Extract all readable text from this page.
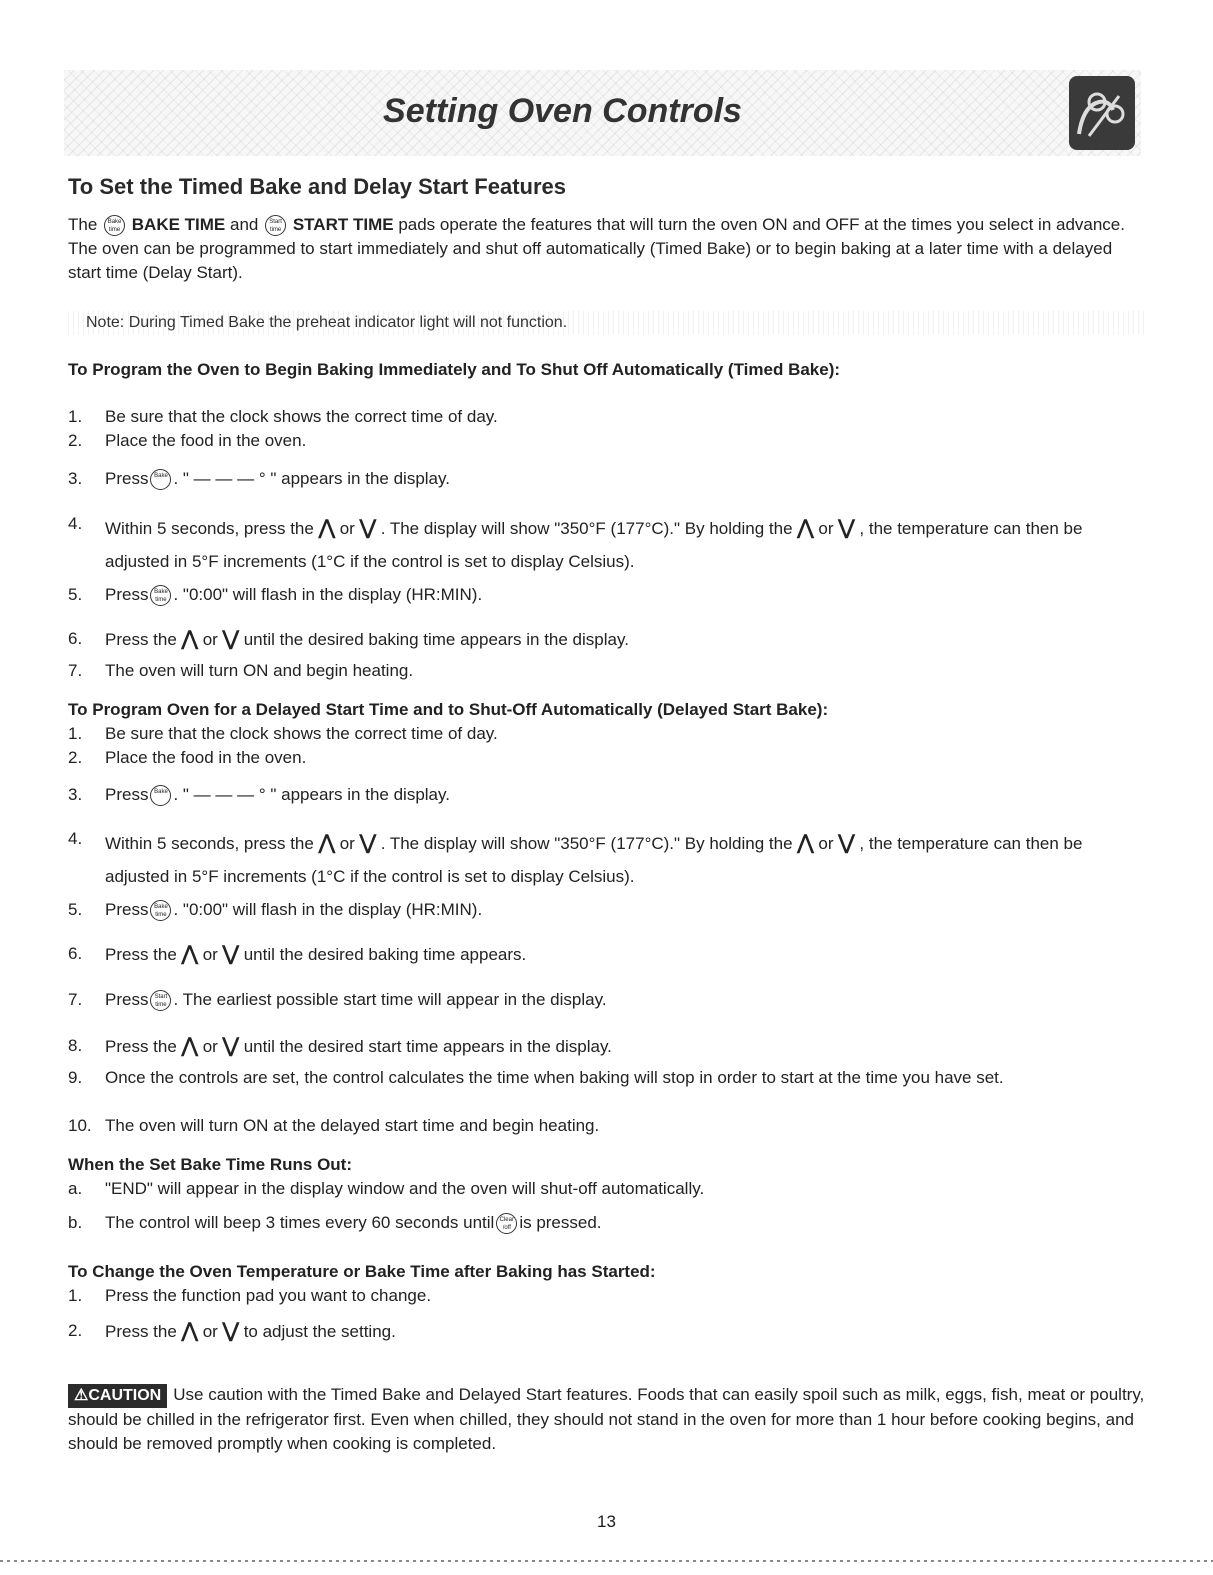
Setting Oven Controls
To Set the Timed Bake and Delay Start Features
The Bake time BAKE TIME and Start time START TIME pads operate the features that will turn the oven ON and OFF at the times you select in advance. The oven can be programmed to start immediately and shut off automatically (Timed Bake) or to begin baking at a later time with a delayed start time (Delay Start).
Note: During Timed Bake the preheat indicator light will not function.
To Program the Oven to Begin Baking Immediately and To Shut Off Automatically (Timed Bake):
1.	Be sure that the clock shows the correct time of day.
2.	Place the food in the oven.
3.	Press Bake . " — — — ° " appears in the display.
4.	Within 5 seconds, press the ⋀ or ⋁ . The display will show "350°F (177°C)." By holding the ⋀ or ⋁ , the temperature can then be adjusted in 5°F increments (1°C if the control is set to display Celsius).
5.	Press Bake time . "0:00" will flash in the display (HR:MIN).
6.	Press the ⋀ or ⋁ until the desired baking time appears in the display.
7.	The oven will turn ON and begin heating.
To Program Oven for a Delayed Start Time and to Shut-Off Automatically (Delayed Start Bake):
1.	Be sure that the clock shows the correct time of day.
2.	Place the food in the oven.
3.	Press Bake . " — — — ° " appears in the display.
4.	Within 5 seconds, press the ⋀ or ⋁ . The display will show "350°F (177°C)." By holding the ⋀ or ⋁ , the temperature can then be adjusted in 5°F increments (1°C if the control is set to display Celsius).
5.	Press Bake time . "0:00" will flash in the display (HR:MIN).
6.	Press the ⋀ or ⋁ until the desired baking time appears.
7.	Press Start time . The earliest possible start time will appear in the display.
8.	Press the ⋀ or ⋁ until the desired start time appears in the display.
9.	Once the controls are set, the control calculates the time when baking will stop in order to start at the time you have set.
10. The oven will turn ON at the delayed start time and begin heating.
When the Set Bake Time Runs Out:
a.	"END" will appear in the display window and the oven will shut-off automatically.
b.	The control will beep 3 times every 60 seconds until Clear /off is pressed.
To Change the Oven Temperature or Bake Time after Baking has Started:
1.	Press the function pad you want to change.
2.	Press the ⋀ or ⋁ to adjust the setting.
⚠CAUTION Use caution with the Timed Bake and Delayed Start features. Foods that can easily spoil such as milk, eggs, fish, meat or poultry, should be chilled in the refrigerator first. Even when chilled, they should not stand in the oven for more than 1 hour before cooking begins, and should be removed promptly when cooking is completed.
13
